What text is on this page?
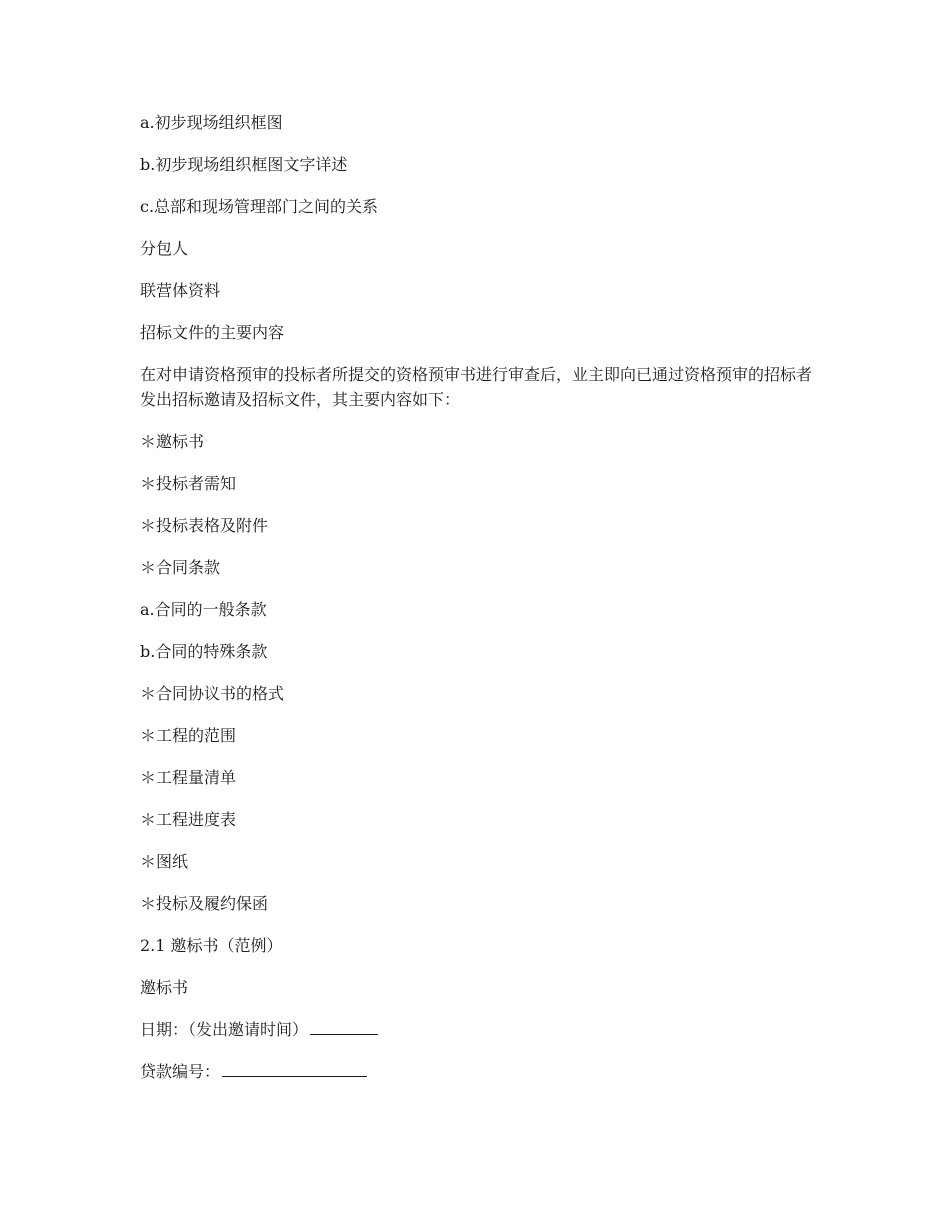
a.初步现场组织框图

b.初步现场组织框图文字详述

c.总部和现场管理部门之间的关系

分包人

联营体资料

招标文件的主要内容

在对申请资格预审的投标者所提交的资格预审书进行审查后，业主即向已通过资格预审的招标者发出招标邀请及招标文件，其主要内容如下：

＊邀标书

＊投标者需知

＊投标表格及附件

＊合同条款

a.合同的一般条款

b.合同的特殊条款

＊合同协议书的格式

＊工程的范围

＊工程量清单

＊工程进度表

＊图纸

＊投标及履约保函

2.1 邀标书（范例）

邀标书

日期：（发出邀请时间）

贷款编号：
